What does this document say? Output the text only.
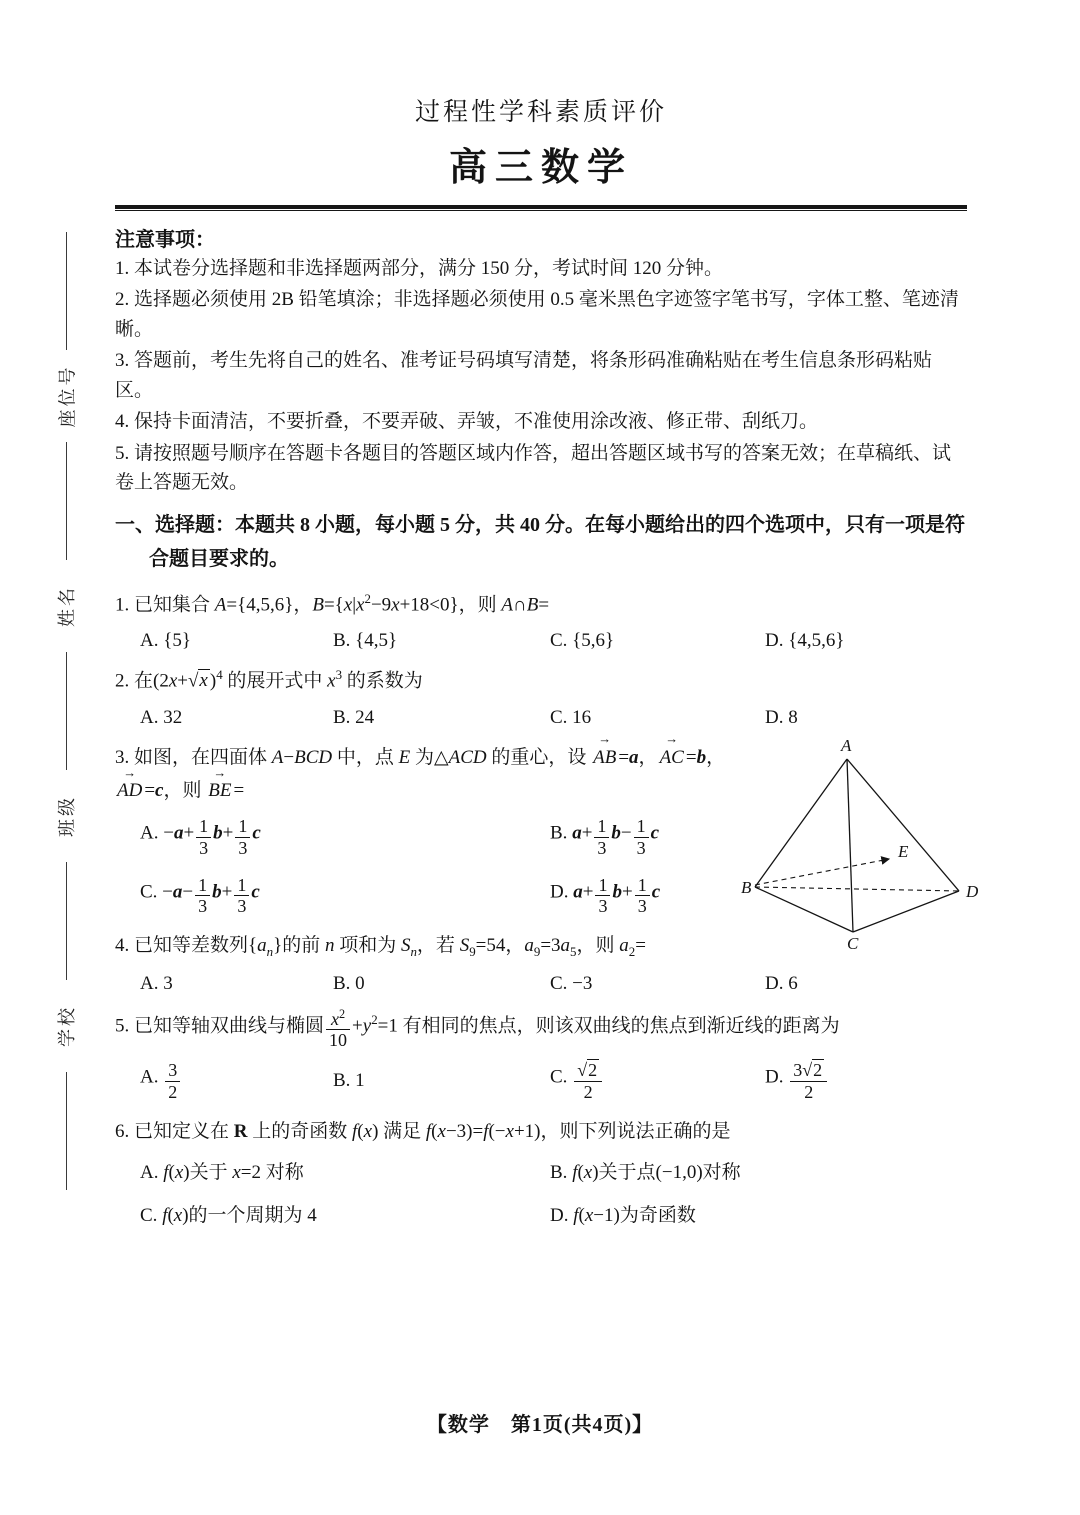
座位号
姓名
班级
学校
过程性学科素质评价
高三数学
注意事项：

1. 本试卷分选择题和非选择题两部分，满分 150 分，考试时间 120 分钟。

2. 选择题必须使用 2B 铅笔填涂；非选择题必须使用 0.5 毫米黑色字迹签字笔书写，字体工整、笔迹清晰。

3. 答题前，考生先将自己的姓名、准考证号码填写清楚，将条形码准确粘贴在考生信息条形码粘贴区。

4. 保持卡面清洁，不要折叠，不要弄破、弄皱，不准使用涂改液、修正带、刮纸刀。

5. 请按照题号顺序在答题卡各题目的答题区域内作答，超出答题区域书写的答案无效；在草稿纸、试卷上答题无效。

一、选择题：本题共 8 小题，每小题 5 分，共 40 分。在每小题给出的四个选项中，只有一项是符合题目要求的。
1. 已知集合 A={4,5,6}，$B=\{x|x^2-9x+18<0\}$，则 A∩B=
A. {5}	B. {4,5}	C. {5,6}	D. {4,5,6}
2. 在(2x+√x )$^4$ 的展开式中 $x^3$ 的系数为
A. 32	B. 24	C. 16	D. 8
A
B
C
D
E
3. 如图，在四面体 A−BCD 中，点 E 为△ACD 的重心，设 AB → =a， AC → =b，AD → =c，则 BE → =
A. $-a+ \frac{1}{3} b+ \frac{1}{3}$ c	B. $a+ \frac{1}{3} b- \frac{1}{3}$ c
C. $-a- \frac{1}{3} b+ \frac{1}{3}$ c	D. $a+ \frac{1}{3} b+ \frac{1}{3}$ c
4. 已知等差数列$\{a_n\}$的前 n 项和为 $S_n$，若 $S_9=54$，$a_9=3a_5$，则 $a_2=$
A. 3	B. 0	C. −3	D. 6
5. 已知等轴双曲线与椭圆 $\frac{x^2}{10} +y^2=1$ 有相同的焦点，则该双曲线的焦点到渐近线的距离为
A. $\frac{3}{2}$	B. 1	C. $\frac{√2}{2}$	D. $\frac{3√2}{2}$
6. 已知定义在 R 上的奇函数 f(x) 满足 f(x−3)=f(−x+1)，则下列说法正确的是
A. f(x)关于 x=2 对称	B. f(x)关于点(−1,0)对称
C. f(x)的一个周期为 4	D. f(x−1)为奇函数
【数学　第1页(共4页)】
